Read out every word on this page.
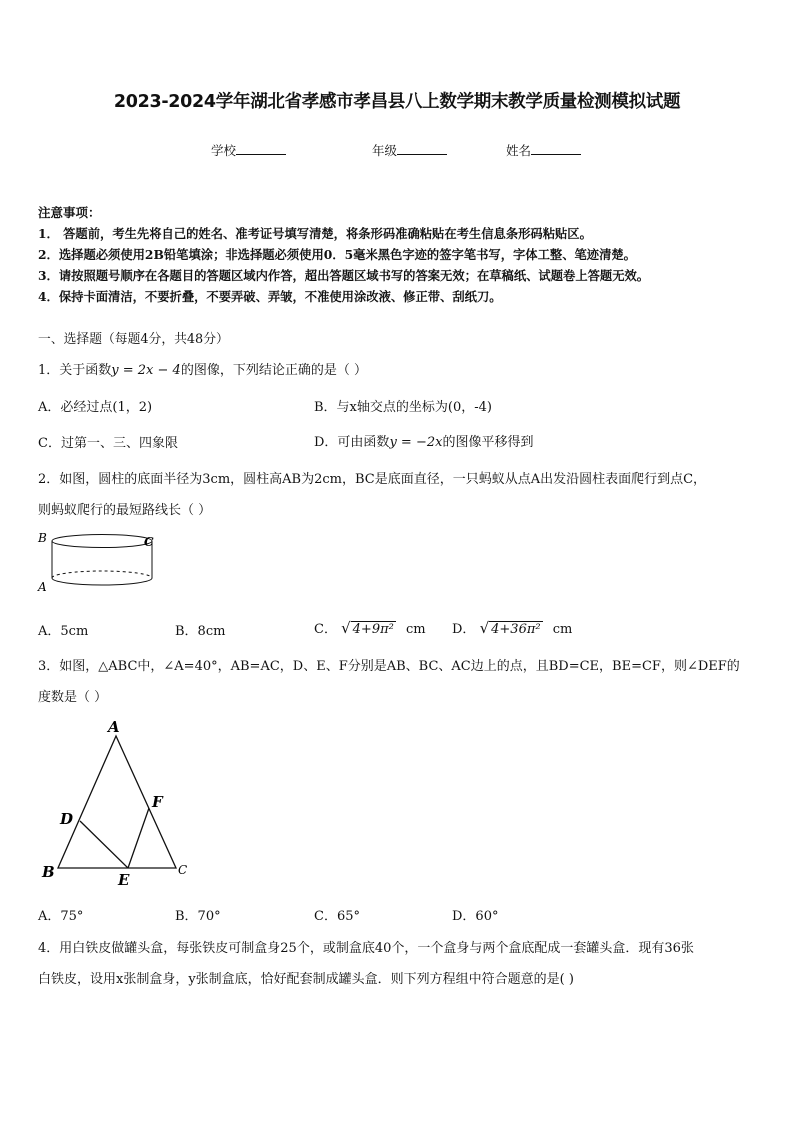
2023-2024学年湖北省孝感市孝昌县八上数学期末教学质量检测模拟试题
学校	年级	姓名
注意事项：
1． 答题前，考生先将自己的姓名、准考证号填写清楚，将条形码准确粘贴在考生信息条形码粘贴区。
2．选择题必须使用2B铅笔填涂；非选择题必须使用0．5毫米黑色字迹的签字笔书写，字体工整、笔迹清楚。
3．请按照题号顺序在各题目的答题区域内作答，超出答题区域书写的答案无效；在草稿纸、试题卷上答题无效。
4．保持卡面清洁，不要折叠，不要弄破、弄皱，不准使用涂改液、修正带、刮纸刀。
一、选择题（每题4分，共48分）
1．关于函数y = 2x − 4的图像，下列结论正确的是（ ）
A．必经过点(1，2)	B．与x轴交点的坐标为(0，-4)
C．过第一、三、四象限	D．可由函数y = −2x的图像平移得到
2．如图，圆柱的底面半径为3cm，圆柱高AB为2cm，BC是底面直径，一只蚂蚁从点A出发沿圆柱表面爬行到点C，
则蚂蚁爬行的最短路线长（ ）
B	C
A
A．5cm	B．8cm	C． √ 4+9π² cm D． √ 4+36π² cm
3．如图，△ABC中，∠A=40°，AB=AC，D、E、F分别是AB、BC、AC边上的点，且BD=CE，BE=CF，则∠DEF的
度数是（ ）
A
B	C
D
E
F
A．75°	B．70°	C．65°	D．60°
4．用白铁皮做罐头盒，每张铁皮可制盒身25个，或制盒底40个，一个盒身与两个盒底配成一套罐头盒．现有36张
白铁皮，设用x张制盒身，y张制盒底，恰好配套制成罐头盒．则下列方程组中符合题意的是( )
